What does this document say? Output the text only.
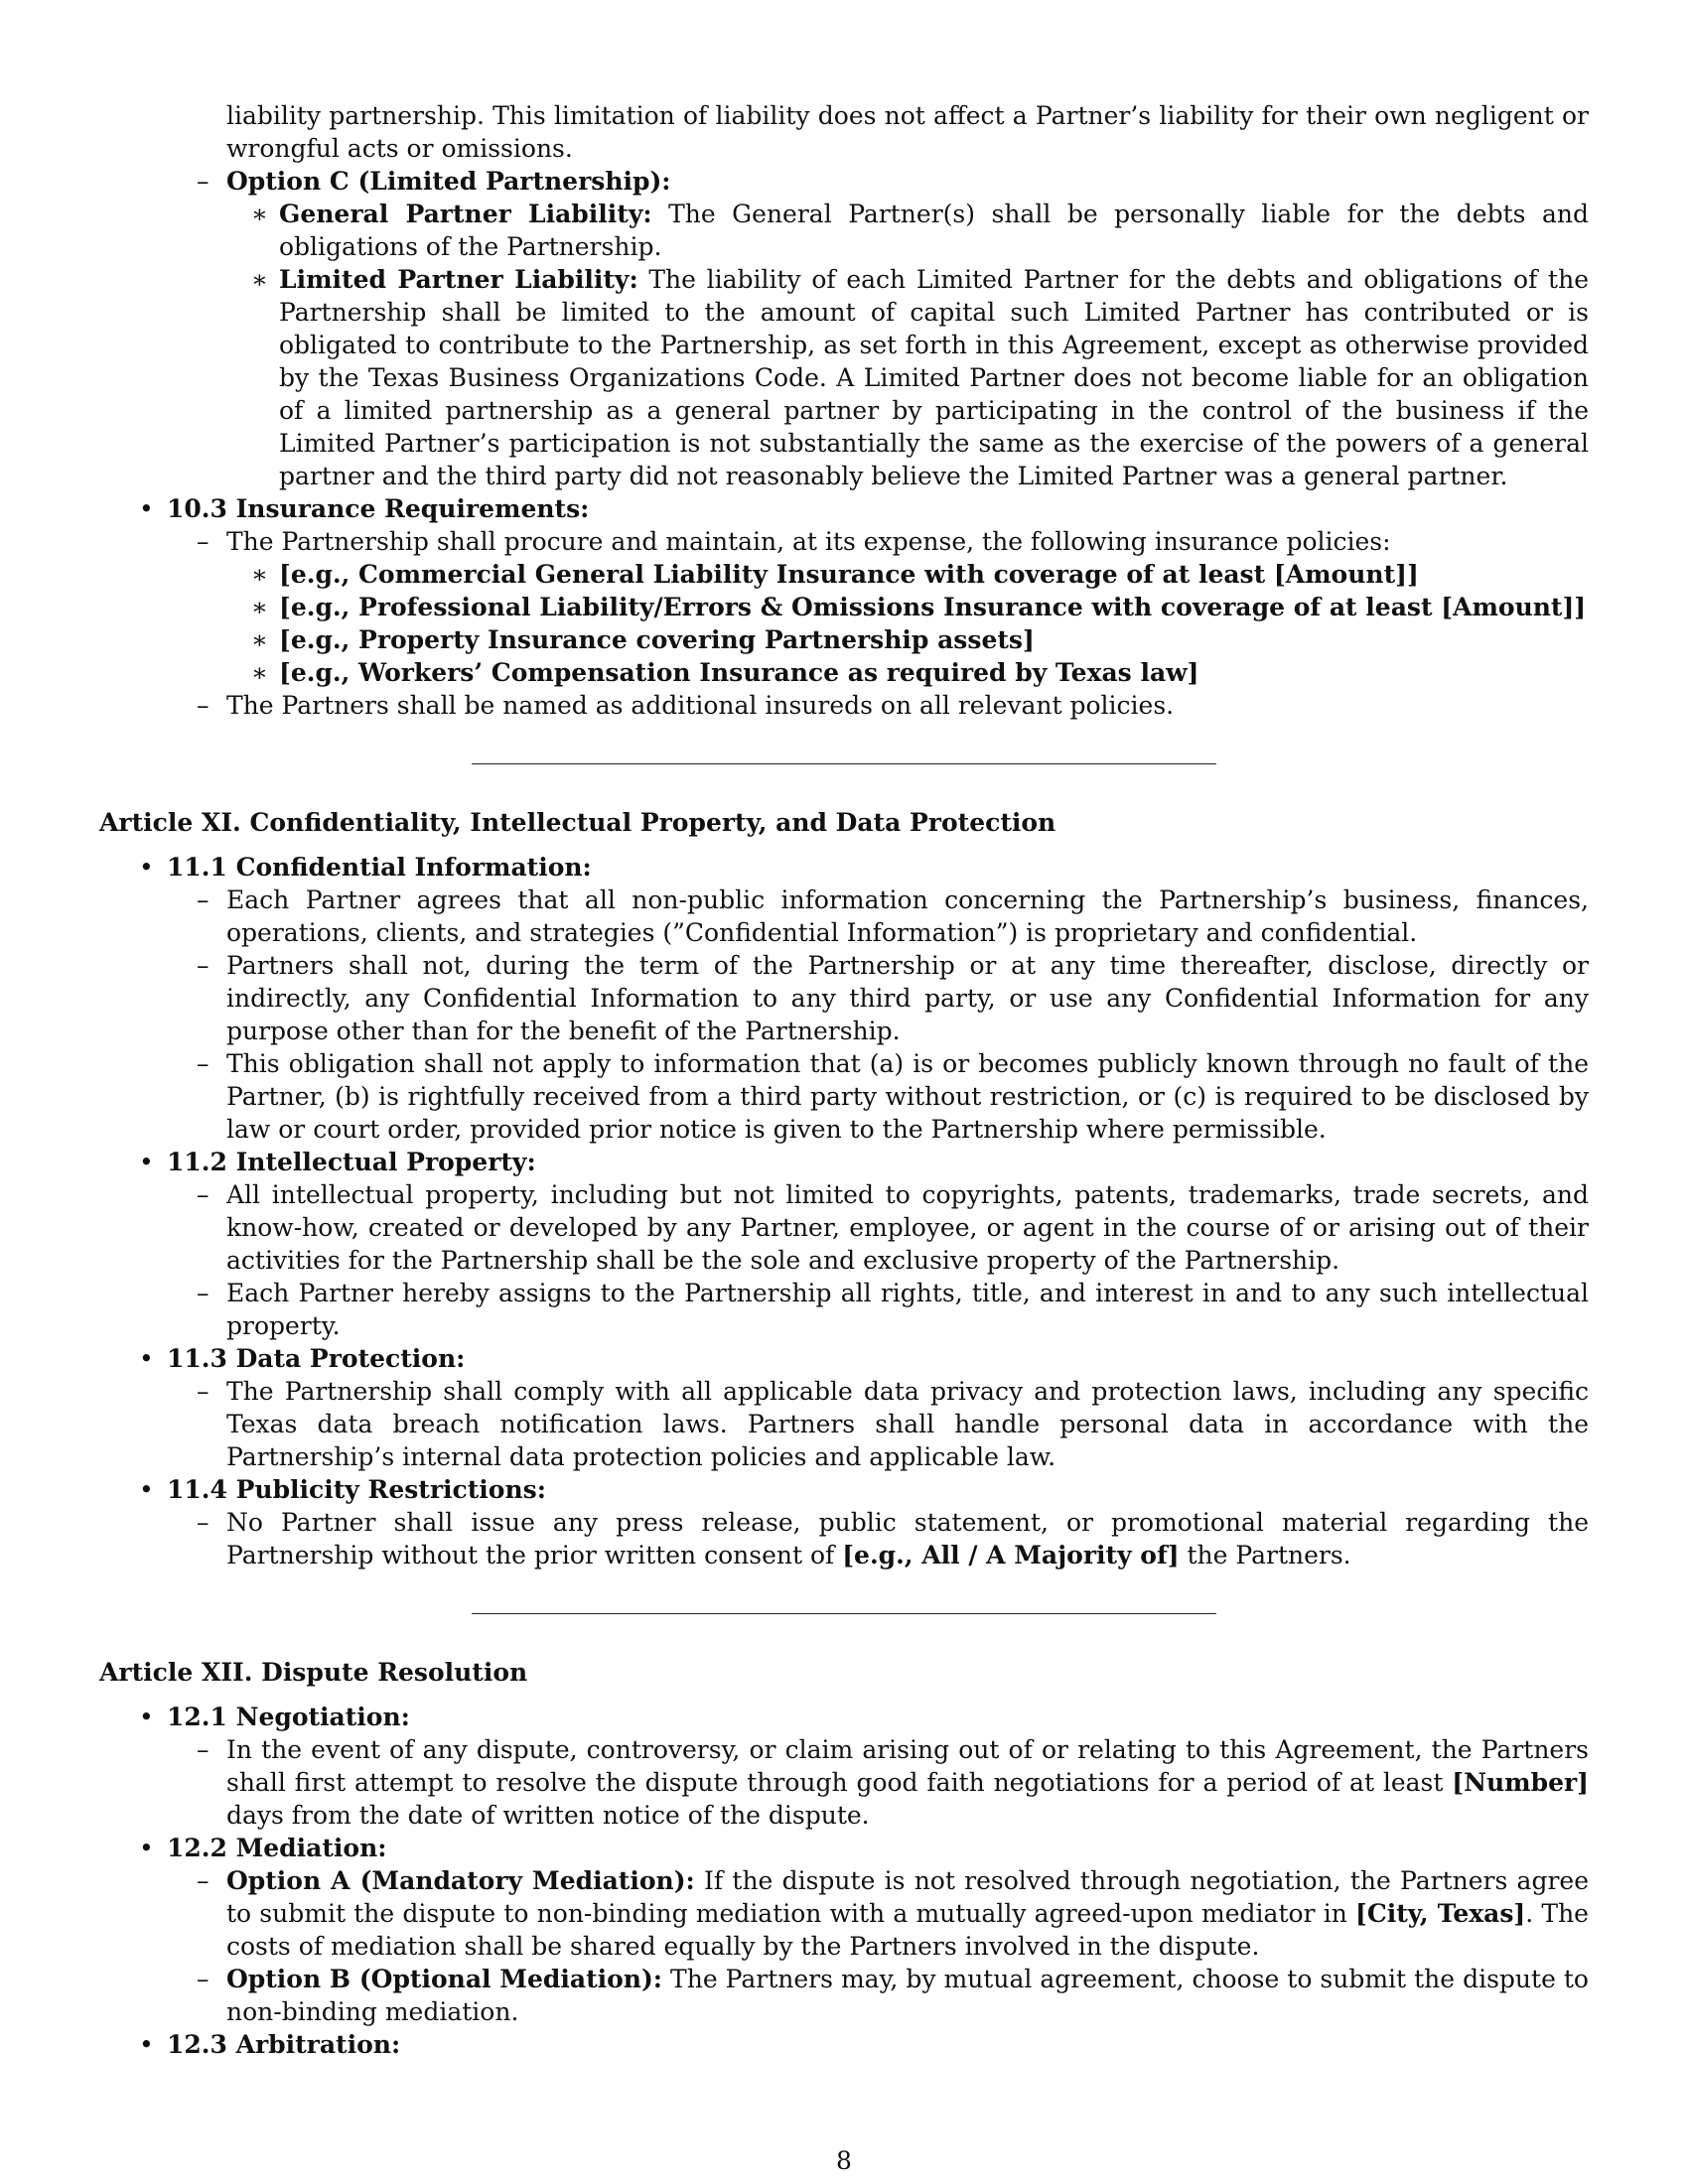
liability partnership. This limitation of liability does not affect a Partner’s liability for their own negligent or wrongful acts or omissions.
– Option C (Limited Partnership):
∗ General Partner Liability: The General Partner(s) shall be personally liable for the debts and obligations of the Partnership.
∗ Limited Partner Liability: The liability of each Limited Partner for the debts and obligations of the Partnership shall be limited to the amount of capital such Limited Partner has contributed or is obligated to contribute to the Partnership, as set forth in this Agreement, except as otherwise provided by the Texas Business Organizations Code. A Limited Partner does not become liable for an obligation of a limited partnership as a general partner by participating in the control of the business if the Limited Partner’s participation is not substantially the same as the exercise of the powers of a general partner and the third party did not reasonably believe the Limited Partner was a general partner.
• 10.3 Insurance Requirements:
– The Partnership shall procure and maintain, at its expense, the following insurance policies:
∗ [e.g., Commercial General Liability Insurance with coverage of at least [Amount]]
∗ [e.g., Professional Liability/Errors & Omissions Insurance with coverage of at least [Amount]]
∗ [e.g., Property Insurance covering Partnership assets]
∗ [e.g., Workers’ Compensation Insurance as required by Texas law]
– The Partners shall be named as additional insureds on all relevant policies.
Article XI. Confidentiality, Intellectual Property, and Data Protection
• 11.1 Confidential Information:
– Each Partner agrees that all non-public information concerning the Partnership’s business, finances, operations, clients, and strategies (”Confidential Information”) is proprietary and confidential.
– Partners shall not, during the term of the Partnership or at any time thereafter, disclose, directly or indirectly, any Confidential Information to any third party, or use any Confidential Information for any purpose other than for the benefit of the Partnership.
– This obligation shall not apply to information that (a) is or becomes publicly known through no fault of the Partner, (b) is rightfully received from a third party without restriction, or (c) is required to be disclosed by law or court order, provided prior notice is given to the Partnership where permissible.
• 11.2 Intellectual Property:
– All intellectual property, including but not limited to copyrights, patents, trademarks, trade secrets, and know-how, created or developed by any Partner, employee, or agent in the course of or arising out of their activities for the Partnership shall be the sole and exclusive property of the Partnership.
– Each Partner hereby assigns to the Partnership all rights, title, and interest in and to any such intellectual property.
• 11.3 Data Protection:
– The Partnership shall comply with all applicable data privacy and protection laws, including any specific Texas data breach notification laws. Partners shall handle personal data in accordance with the Partnership’s internal data protection policies and applicable law.
• 11.4 Publicity Restrictions:
– No Partner shall issue any press release, public statement, or promotional material regarding the Partnership without the prior written consent of [e.g., All / A Majority of] the Partners.
Article XII. Dispute Resolution
• 12.1 Negotiation:
– In the event of any dispute, controversy, or claim arising out of or relating to this Agreement, the Partners shall first attempt to resolve the dispute through good faith negotiations for a period of at least [Number] days from the date of written notice of the dispute.
• 12.2 Mediation:
– Option A (Mandatory Mediation): If the dispute is not resolved through negotiation, the Partners agree to submit the dispute to non-binding mediation with a mutually agreed-upon mediator in [City, Texas]. The costs of mediation shall be shared equally by the Partners involved in the dispute.
– Option B (Optional Mediation): The Partners may, by mutual agreement, choose to submit the dispute to non-binding mediation.
• 12.3 Arbitration:
8
